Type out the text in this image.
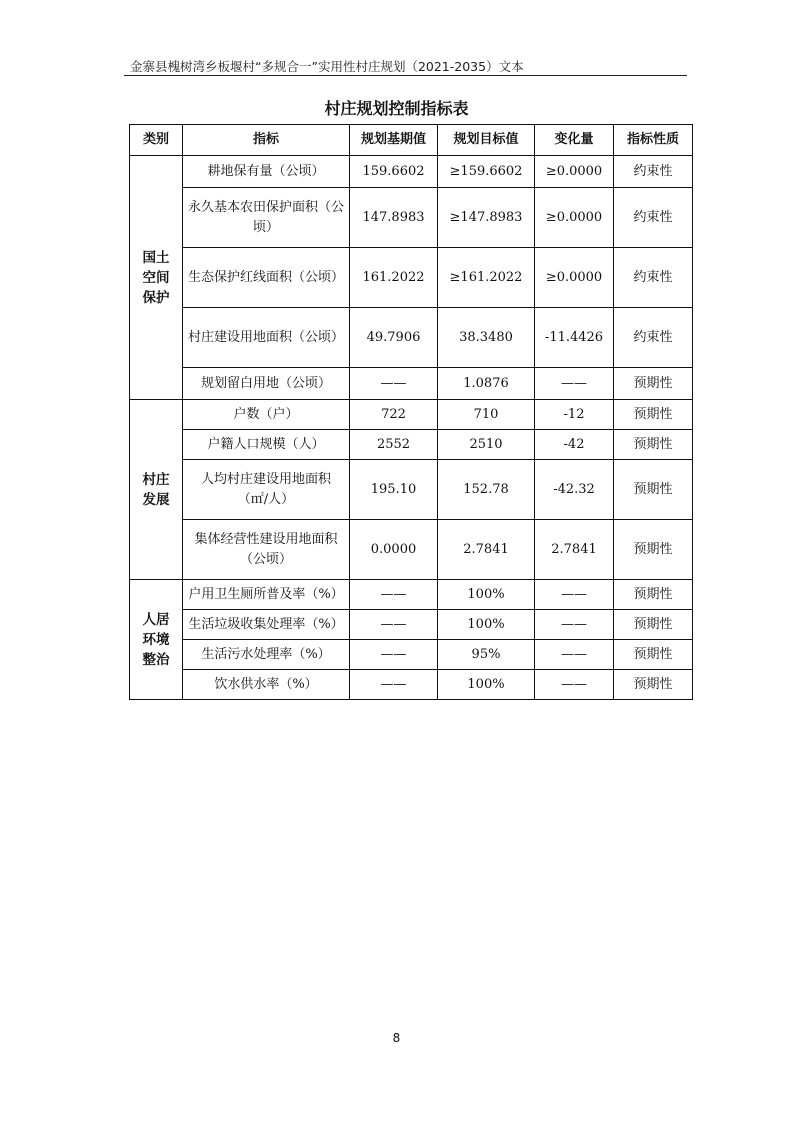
金寨县槐树湾乡板堰村“多规合一”实用性村庄规划（2021-2035）文本
村庄规划控制指标表
类别	指标	规划基期值	规划目标值	变化量	指标性质
国土
空间
保护	耕地保有量（公顷）	159.6602	≥159.6602	≥0.0000	约束性
	永久基本农田保护面积（公顷）	147.8983	≥147.8983	≥0.0000	约束性
	生态保护红线面积（公顷）	161.2022	≥161.2022	≥0.0000	约束性
	村庄建设用地面积（公顷）	49.7906	38.3480	-11.4426	约束性
	规划留白用地（公顷）	——	1.0876	——	预期性
村庄
发展	户数（户）	722	710	-12	预期性
	户籍人口规模（人）	2552	2510	-42	预期性
	人均村庄建设用地面积（㎡/人）	195.10	152.78	-42.32	预期性
	集体经营性建设用地面积（公顷）	0.0000	2.7841	2.7841	预期性
人居
环境
整治	户用卫生厕所普及率（%）	——	100%	——	预期性
	生活垃圾收集处理率（%）	——	100%	——	预期性
	生活污水处理率（%）	——	95%	——	预期性
	饮水供水率（%）	——	100%	——	预期性
8
